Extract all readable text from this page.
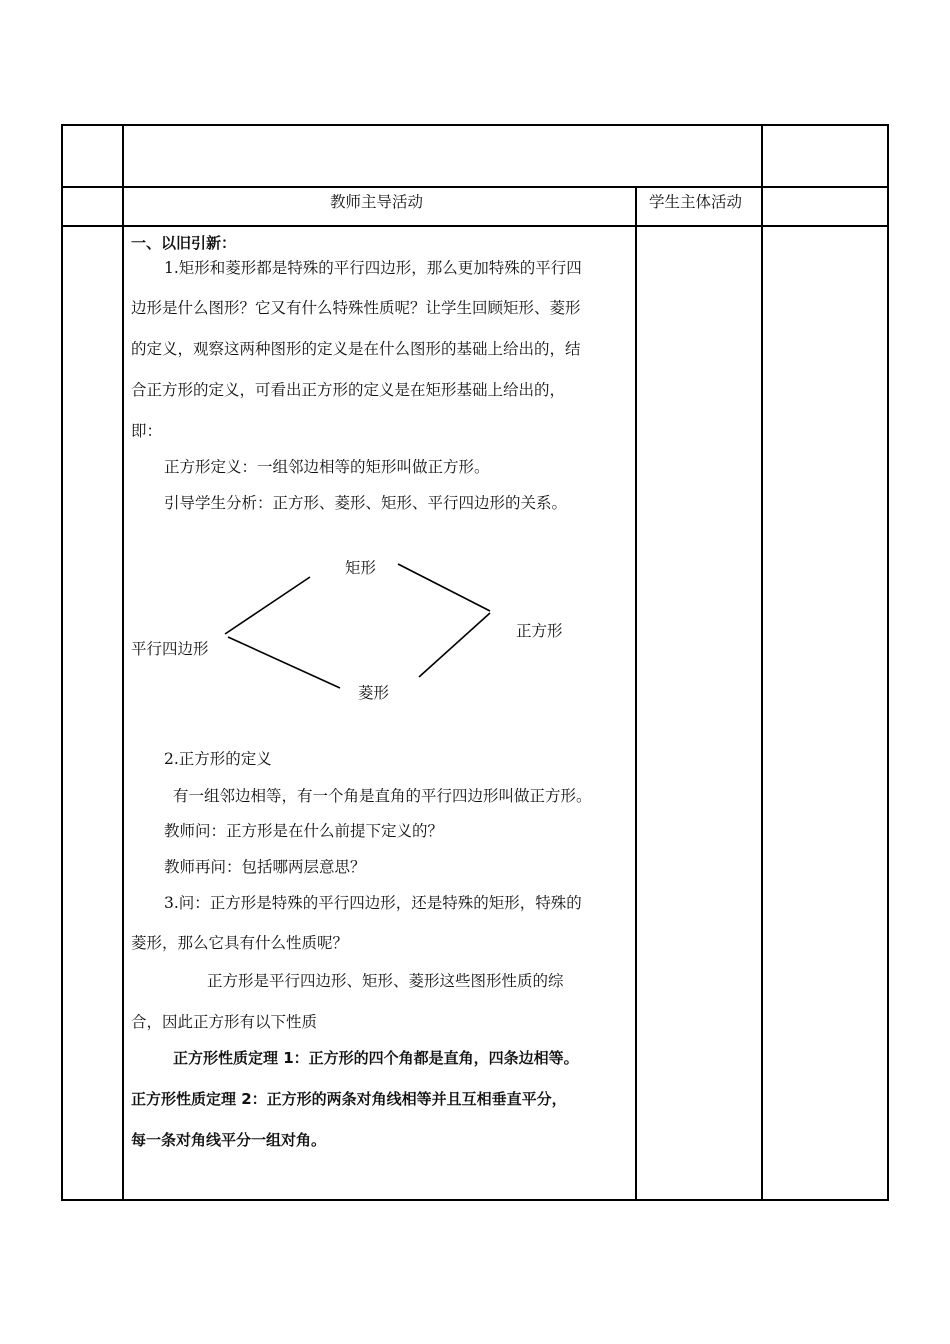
教师主导活动	学生主体活动
一、以旧引新：
1.矩形和菱形都是特殊的平行四边形，那么更加特殊的平行四
边形是什么图形？它又有什么特殊性质呢？让学生回顾矩形、菱形
的定义，观察这两种图形的定义是在什么图形的基础上给出的，结
合正方形的定义，可看出正方形的定义是在矩形基础上给出的，
即：
正方形定义：一组邻边相等的矩形叫做正方形。
引导学生分析：正方形、菱形、矩形、平行四边形的关系。
矩形
正方形
平行四边形
菱形
2.正方形的定义
有一组邻边相等，有一个角是直角的平行四边形叫做正方形。
教师问：正方形是在什么前提下定义的？
教师再问：包括哪两层意思？
3.问：正方形是特殊的平行四边形，还是特殊的矩形，特殊的
菱形，那么它具有什么性质呢？
正方形是平行四边形、矩形、菱形这些图形性质的综
合，因此正方形有以下性质
正方形性质定理 1：正方形的四个角都是直角，四条边相等。
正方形性质定理 2：正方形的两条对角线相等并且互相垂直平分，
每一条对角线平分一组对角。
